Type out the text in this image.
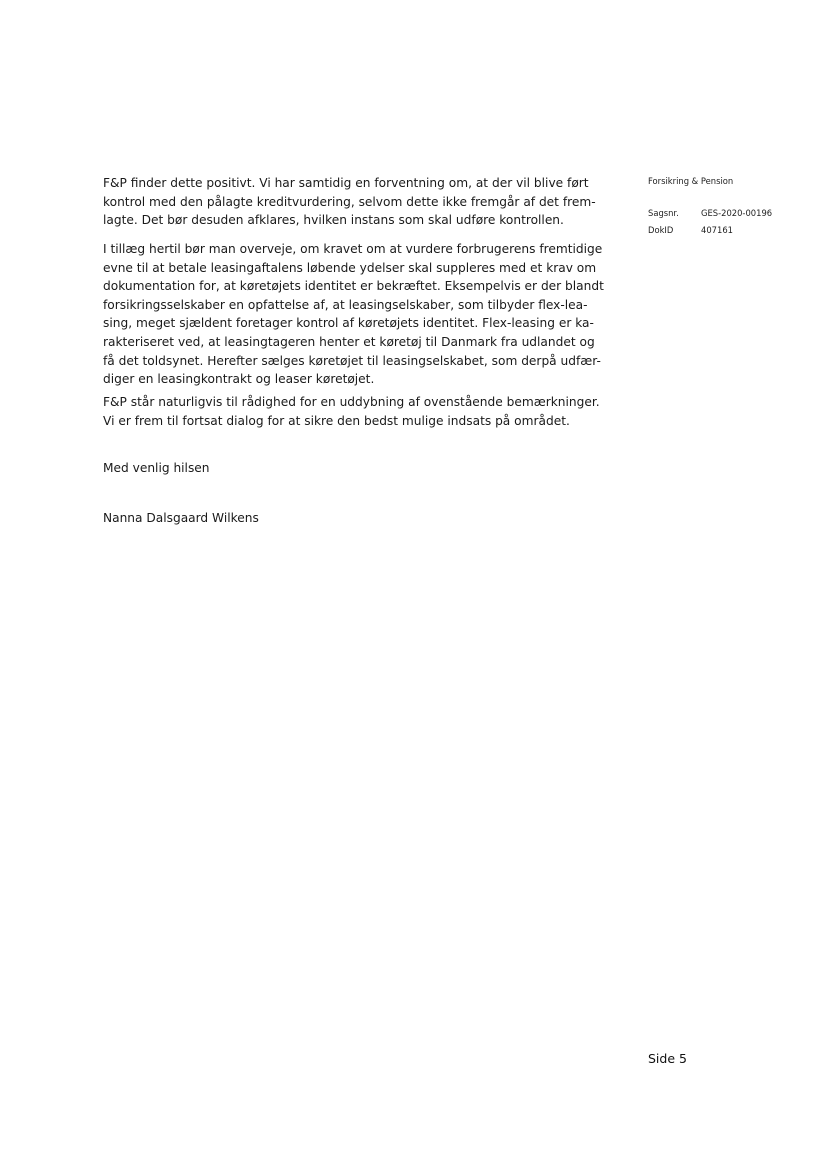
F&P finder dette positivt. Vi har samtidig en forventning om, at der vil blive ført
kontrol med den pålagte kreditvurdering, selvom dette ikke fremgår af det frem-
lagte. Det bør desuden afklares, hvilken instans som skal udføre kontrollen.
I tillæg hertil bør man overveje, om kravet om at vurdere forbrugerens fremtidige
evne til at betale leasingaftalens løbende ydelser skal suppleres med et krav om
dokumentation for, at køretøjets identitet er bekræftet. Eksempelvis er der blandt
forsikringsselskaber en opfattelse af, at leasingselskaber, som tilbyder flex-lea-
sing, meget sjældent foretager kontrol af køretøjets identitet. Flex-leasing er ka-
rakteriseret ved, at leasingtageren henter et køretøj til Danmark fra udlandet og
få det toldsynet. Herefter sælges køretøjet til leasingselskabet, som derpå udfær-
diger en leasingkontrakt og leaser køretøjet.
F&P står naturligvis til rådighed for en uddybning af ovenstående bemærkninger.
Vi er frem til fortsat dialog for at sikre den bedst mulige indsats på området.
Med venlig hilsen
Nanna Dalsgaard Wilkens
Forsikring & Pension
Sagsnr.	GES-2020-00196
DokID	407161
Side 5
